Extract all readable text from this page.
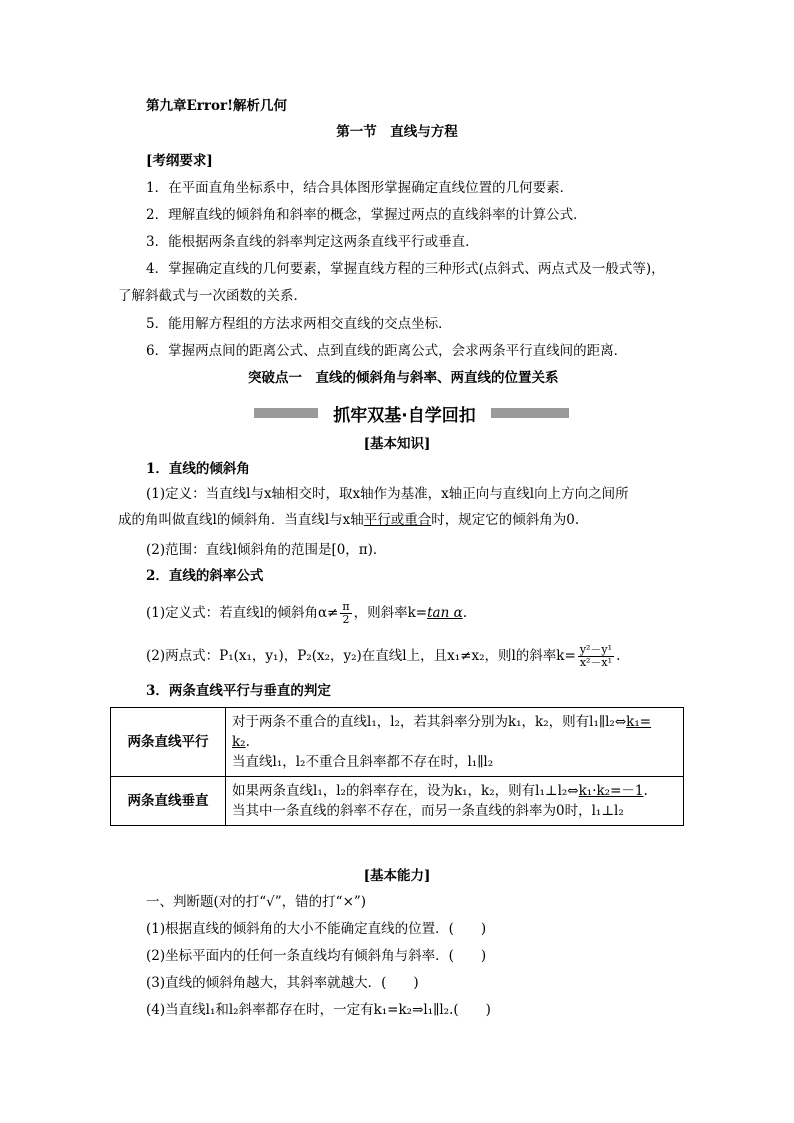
第九章Error!解析几何
第一节　直线与方程
[考纲要求]
1．在平面直角坐标系中，结合具体图形掌握确定直线位置的几何要素．
2．理解直线的倾斜角和斜率的概念，掌握过两点的直线斜率的计算公式．
3．能根据两条直线的斜率判定这两条直线平行或垂直．
4．掌握确定直线的几何要素，掌握直线方程的三种形式(点斜式、两点式及一般式等)，
了解斜截式与一次函数的关系．
5．能用解方程组的方法求两相交直线的交点坐标．
6．掌握两点间的距离公式、点到直线的距离公式，会求两条平行直线间的距离．
突破点一　直线的倾斜角与斜率、两直线的位置关系
抓牢双基·自学回扣
[基本知识]
1．直线的倾斜角
(1)定义：当直线l与x轴相交时，取x轴作为基准，x轴正向与直线l向上方向之间所
成的角叫做直线l的倾斜角．当直线l与x轴平行或重合时，规定它的倾斜角为0.
(2)范围：直线l倾斜角的范围是[0，π)．
2．直线的斜率公式
(1)定义式：若直线l的倾斜角$\alpha\ne \frac{\pi}{2}$ ，则斜率k=tan α.
(2)两点式：P₁(x₁，y₁)，P₂(x₂，y₂)在直线l上，且x₁≠x₂，则l的斜率$k= \frac{\text{y²－y¹}}{\text{x²－x¹}}$ .
3．两条直线平行与垂直的判定
两条直线平行	对于两条不重合的直线l₁，l₂，若其斜率分别为k₁，k₂，则有l₁∥l₂⇔k₁=
k₂.
当直线l₁，l₂不重合且斜率都不存在时，l₁∥l₂

两条直线垂直	如果两条直线l₁，l₂的斜率存在，设为k₁，k₂，则有l₁⊥l₂⇔k₁·k₂=－1.
当其中一条直线的斜率不存在，而另一条直线的斜率为0时，l₁⊥l₂
[基本能力]
一、判断题(对的打“√”，错的打“×”)
(1)根据直线的倾斜角的大小不能确定直线的位置．(　　)
(2)坐标平面内的任何一条直线均有倾斜角与斜率．(　　)
(3)直线的倾斜角越大，其斜率就越大．(　　)
(4)当直线l₁和l₂斜率都存在时，一定有k₁=k₂⇒l₁∥l₂.(　　)
